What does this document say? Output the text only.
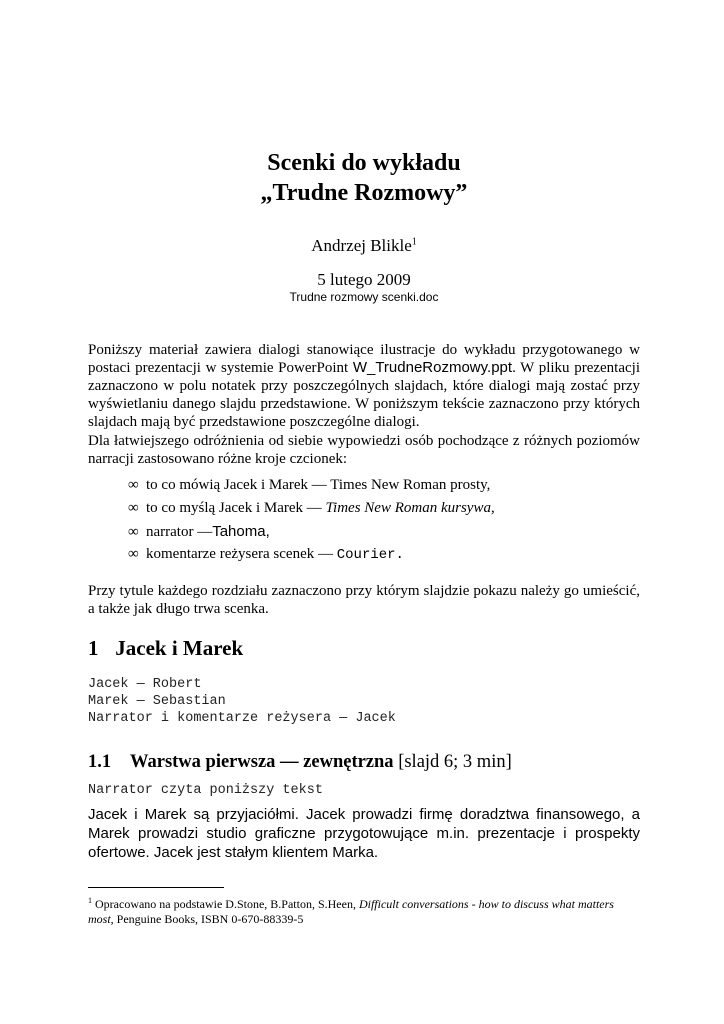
Scenki do wykładu
„Trudne Rozmowy”
Andrzej Blikle$^1$
5 lutego 2009
Trudne rozmowy scenki.doc
Poniższy materiał zawiera dialogi stanowiące ilustracje do wykładu przygotowanego w postaci prezentacji w systemie PowerPoint W_TrudneRozmowy.ppt. W pliku prezentacji zaznaczono w polu notatek przy poszczególnych slajdach, które dialogi mają zostać przy wyświetlaniu danego slajdu przedstawione. W poniższym tekście zaznaczono przy których slajdach mają być przedstawione poszczególne dialogi.
Dla łatwiejszego odróżnienia od siebie wypowiedzi osób pochodzące z różnych poziomów narracji zastosowano różne kroje czcionek:
∞ to co mówią Jacek i Marek — Times New Roman prosty,
∞ to co myślą Jacek i Marek — Times New Roman kursywa,
∞ narrator —Tahoma,
∞ komentarze reżysera scenek — Courier.
Przy tytule każdego rozdziału zaznaczono przy którym slajdzie pokazu należy go umieścić, a także jak długo trwa scenka.
1 Jacek i Marek
Jacek — Robert
Marek — Sebastian
Narrator i komentarze reżysera — Jacek
1.1 Warstwa pierwsza — zewnętrzna [slajd 6; 3 min]
Narrator czyta poniższy tekst
Jacek i Marek są przyjaciółmi. Jacek prowadzi firmę doradztwa finansowego, a Marek prowadzi studio graficzne przygotowujące m.in. prezentacje i prospekty ofertowe. Jacek jest stałym klientem Marka.
$^1$ Opracowano na podstawie D.Stone, B.Patton, S.Heen, Difficult conversations - how to discuss what matters most, Penguine Books, ISBN 0-670-88339-5
